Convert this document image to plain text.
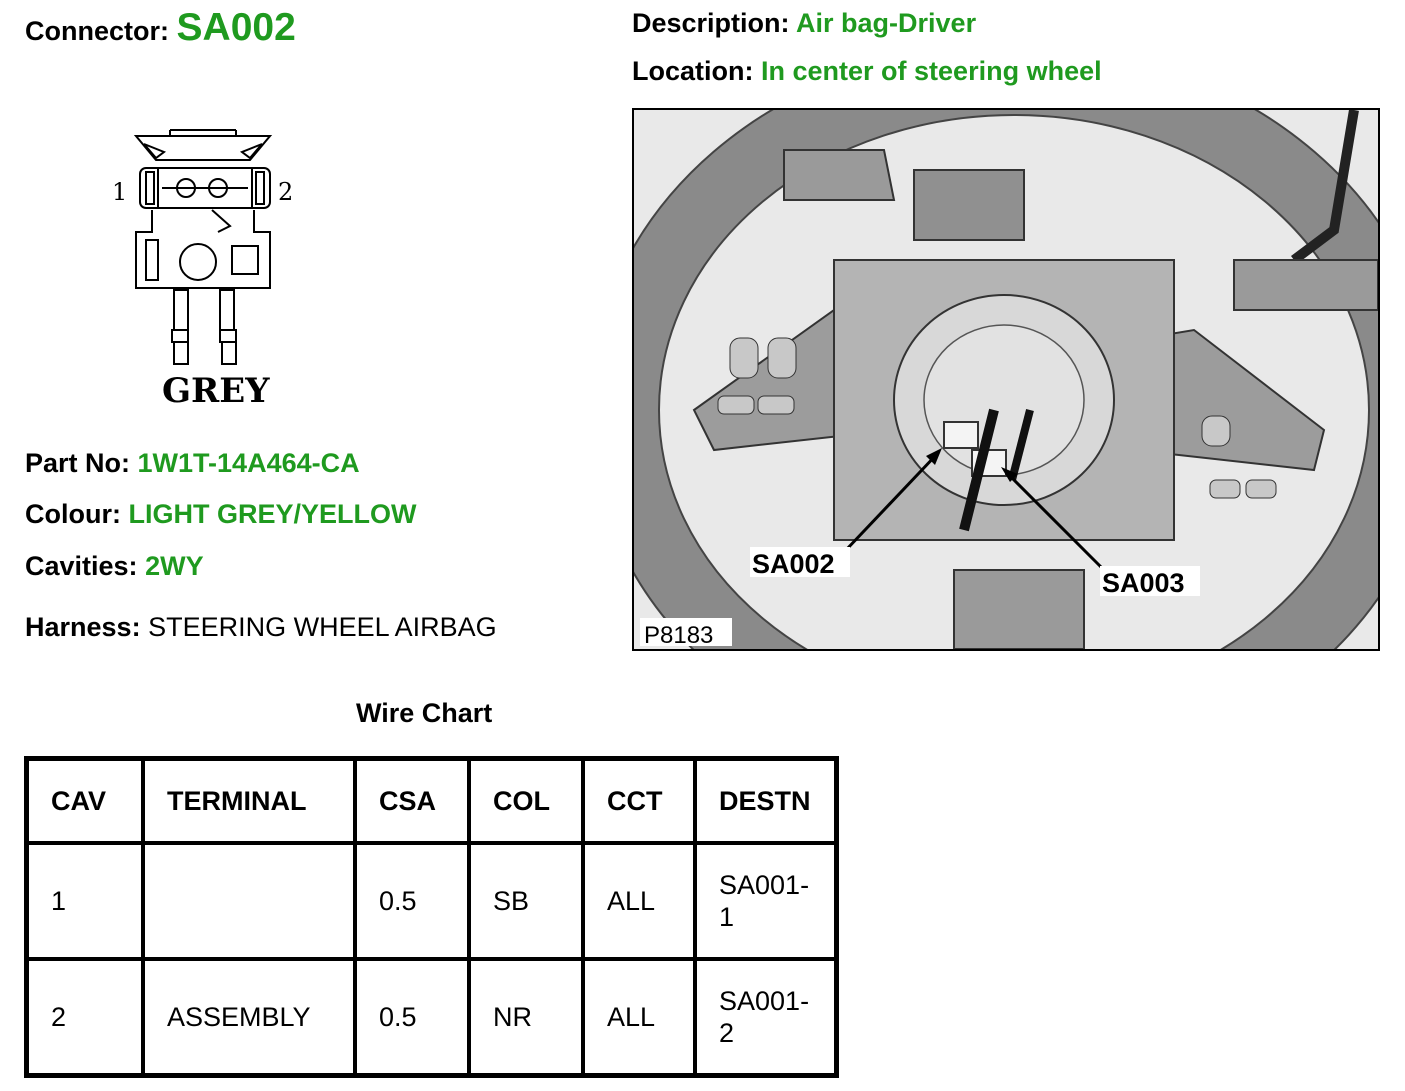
Connector: SA002	Description: Air bag-Driver
Location: In center of steering wheel
1	2
GREY
Part No: 1W1T-14A464-CA
Colour: LIGHT GREY/YELLOW
Cavities: 2WY
Harness: STEERING WHEEL AIRBAG
SA002
SA003
P8183
Wire Chart
CAV	TERMINAL	CSA	COL	CCT	DESTN
1		0.5	SB	ALL	SA001-
1
2	ASSEMBLY	0.5	NR	ALL	SA001-
2
